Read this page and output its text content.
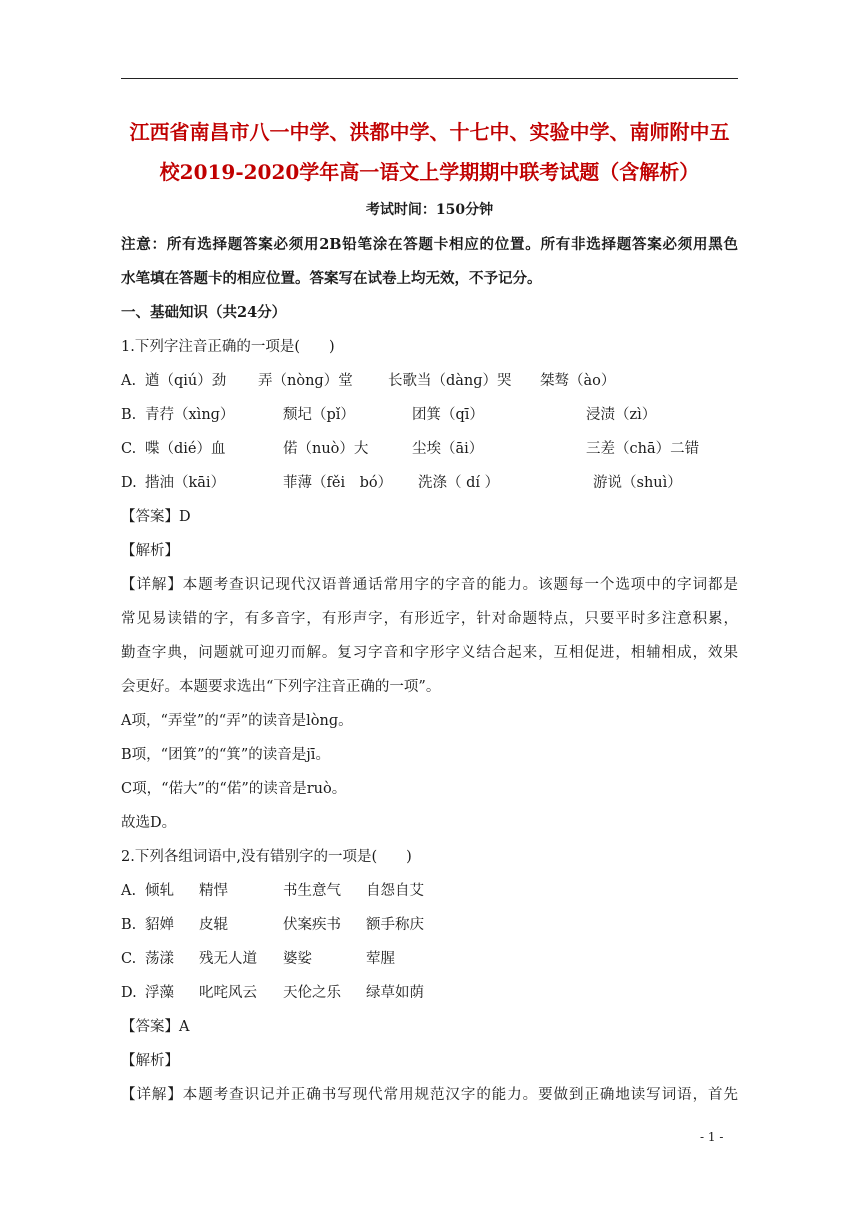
江西省南昌市八一中学、洪都中学、十七中、实验中学、南师附中五
校2019-2020学年高一语文上学期期中联考试题（含解析）
考试时间：150分钟
注意：所有选择题答案必须用2B铅笔涂在答题卡相应的位置。所有非选择题答案必须用黑色
水笔填在答题卡的相应位置。答案写在试卷上均无效，不予记分。
一、基础知识（共24分）
1.下列字注音正确的一项是(　　)
A. 遒（qiú）劲 弄（nònɡ）堂 长歌当（dànɡ）哭 桀骜（ào）
B. 青荇（xìnɡ）	颓圮（pǐ）	团箕（qī）	浸渍（zì）
C. 喋（dié）血	偌（nuò）大	尘埃（āi）	三差（chā）二错
D. 揩油（kāi）	菲薄（fěi　bó） 洗涤（ dí ）	游说（shuì）
【答案】D
【解析】
【详解】本题考查识记现代汉语普通话常用字的字音的能力。该题每一个选项中的字词都是
常见易读错的字，有多音字，有形声字，有形近字，针对命题特点，只要平时多注意积累，
勤查字典，问题就可迎刃而解。复习字音和字形字义结合起来，互相促进，相辅相成，效果
会更好。本题要求选出“下列字注音正确的一项”。
A项，“弄堂”的“弄”的读音是lònɡ。
B项，“团箕”的“箕”的读音是jī。
C项，“偌大”的“偌”的读音是ruò。
故选D。
2.下列各组词语中,没有错别字的一项是(　　)
A. 倾轧 精悍	书生意气 自怨自艾
B. 貂婵 皮辊	伏案疾书 额手称庆
C. 荡漾 残无人道 婆娑	荤腥
D. 浮藻 叱咤风云 天伦之乐 绿草如荫
【答案】A
【解析】
【详解】本题考查识记并正确书写现代常用规范汉字的能力。要做到正确地读写词语，首先
- 1 -
